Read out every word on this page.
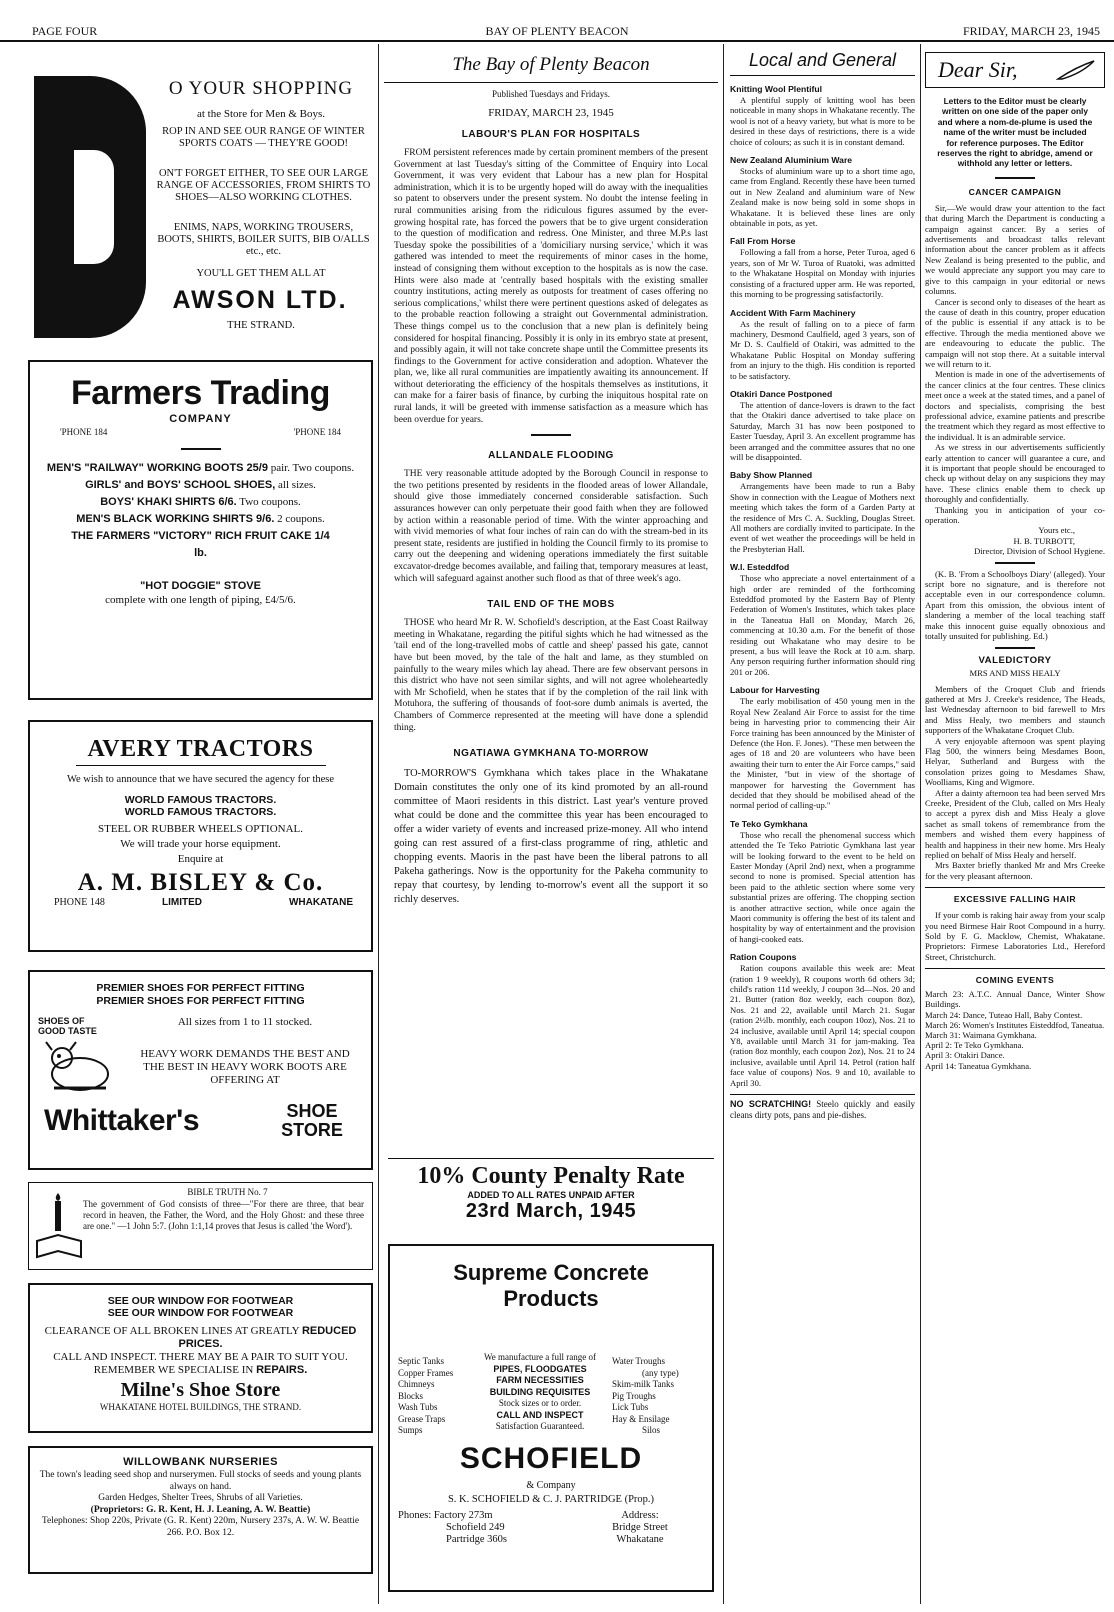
PAGE FOUR	BAY OF PLENTY BEACON	FRIDAY, MARCH 23, 1945
O YOUR SHOPPING
at the Store for Men & Boys.
ROP IN AND SEE OUR RANGE OF WINTER SPORTS COATS — THEY'RE GOOD!
ON'T FORGET EITHER, TO SEE OUR LARGE RANGE OF ACCESSORIES, FROM SHIRTS TO SHOES—ALSO WORKING CLOTHES.
ENIMS, NAPS, WORKING TROUSERS, BOOTS, SHIRTS, BOILER SUITS, BIB O/ALLS etc., etc.
YOU'LL GET THEM ALL AT
AWSON LTD.
THE STRAND.
Farmers Trading
COMPANY
'PHONE 184	'PHONE 184

MEN'S "RAILWAY" WORKING BOOTS 25/9 pair. Two coupons.

GIRLS' and BOYS' SCHOOL SHOES, all sizes.

BOYS' KHAKI SHIRTS 6/6. Two coupons.

MEN'S BLACK WORKING SHIRTS 9/6. 2 coupons.

THE FARMERS "VICTORY" RICH FRUIT CAKE 1/4 lb.

"HOT DOGGIE" STOVE
complete with one length of piping, £4/5/6.
AVERY TRACTORS
We wish to announce that we have secured the agency for these

WORLD FAMOUS TRACTORS.

WORLD FAMOUS TRACTORS.

STEEL OR RUBBER WHEELS OPTIONAL.

We will trade your horse equipment.

Enquire at

A. M. BISLEY & Co.
PHONE 148	LIMITED	WHAKATANE

PREMIER SHOES FOR PERFECT FITTING

PREMIER SHOES FOR PERFECT FITTING

SHOES OF GOOD TASTE
All sizes from 1 to 11 stocked.
HEAVY WORK DEMANDS THE BEST AND THE BEST IN HEAVY WORK BOOTS ARE OFFERING AT
Whittaker's	SHOE

STORE

BIBLE TRUTH No. 7
The government of God consists of three—"For there are three, that bear record in heaven, the Father, the Word, and the Holy Ghost: and these three are one." —1 John 5:7. (John 1:1,14 proves that Jesus is called 'the Word').

SEE OUR WINDOW FOR FOOTWEAR

SEE OUR WINDOW FOR FOOTWEAR

CLEARANCE OF ALL BROKEN LINES AT GREATLY REDUCED PRICES.

CALL AND INSPECT. THERE MAY BE A PAIR TO SUIT YOU.

REMEMBER WE SPECIALISE IN REPAIRS.

Milne's Shoe Store
WHAKATANE HOTEL BUILDINGS, THE STRAND.
WILLOWBANK NURSERIES

The town's leading seed shop and nurserymen. Full stocks of seeds and young plants always on hand.

Garden Hedges, Shelter Trees, Shrubs of all Varieties.

(Proprietors: G. R. Kent, H. J. Leaning, A. W. Beattie)

Telephones: Shop 220s, Private (G. R. Kent) 220m, Nursery 237s, A. W. W. Beattie 266. P.O. Box 12.

The Bay of Plenty Beacon
Published Tuesdays and Fridays.
FRIDAY, MARCH 23, 1945
LABOUR'S PLAN FOR HOSPITALS

FROM persistent references made by certain prominent members of the present Government at last Tuesday's sitting of the Committee of Enquiry into Local Government, it was very evident that Labour has a new plan for Hospital administration, which it is to be urgently hoped will do away with the inequalities so patent to observers under the present system. No doubt the intense feeling in rural communities arising from the ridiculous figures assumed by the ever-growing hospital rate, has forced the powers that be to give urgent consideration to the question of modification and redress. One Minister, and three M.P.s last Tuesday spoke the possibilities of a 'domiciliary nursing service,' which it was gathered was intended to meet the requirements of minor cases in the home, instead of consigning them without exception to the hospitals as is now the case. Hints were also made at 'centrally based hospitals with the existing smaller country institutions, acting merely as outposts for treatment of cases offering no serious complications,' whilst there were pertinent questions asked of delegates as to the probable reaction following a straight out Governmental administration. These things compel us to the conclusion that a new plan is definitely being considered for hospital financing. Possibly it is only in its embryo state at present, and possibly again, it will not take concrete shape until the Committee presents its findings to the Government for active consideration and adoption. Whatever the plan, we, like all rural communities are impatiently awaiting its announcement. If without deteriorating the efficiency of the hospitals themselves as institutions, it can make for a fairer basis of finance, by curbing the iniquitous hospital rate on rural lands, it will be greeted with immense satisfaction as a measure which has been overdue for years.

ALLANDALE FLOODING

THE very reasonable attitude adopted by the Borough Council in response to the two petitions presented by residents in the flooded areas of lower Allandale, should give those immediately concerned considerable satisfaction. Such assurances however can only perpetuate their good faith when they are followed by action within a reasonable period of time. With the winter approaching and with vivid memories of what four inches of rain can do with the stream-bed in its present state, residents are justified in holding the Council firmly to its promise to carry out the deepening and widening operations immediately the first suitable excavator-dredge becomes available, and failing that, temporary measures at least, which will safeguard against another such flood as that of three week's ago.

TAIL END OF THE MOBS

THOSE who heard Mr R. W. Schofield's description, at the East Coast Railway meeting in Whakatane, regarding the pitiful sights which he had witnessed as the 'tail end of the long-travelled mobs of cattle and sheep' passed his gate, cannot have but been moved, by the tale of the halt and lame, as they stumbled on painfully to the weary miles which lay ahead. There are few observant persons in this district who have not seen similar sights, and will not agree wholeheartedly with Mr Schofield, when he states that if by the completion of the rail link with Motuhora, the suffering of thousands of foot-sore dumb animals is averted, the Chambers of Commerce represented at the meeting will have done a splendid thing.

NGATIAWA GYMKHANA TO-MORROW

TO-MORROW'S Gymkhana which takes place in the Whakatane Domain constitutes the only one of its kind promoted by an all-round committee of Maori residents in this district. Last year's venture proved what could be done and the committee this year has been encouraged to offer a wider variety of events and increased prize-money. All who intend going can rest assured of a first-class programme of ring, athletic and chopping events. Maoris in the past have been the liberal patrons to all Pakeha gatherings. Now is the opportunity for the Pakeha community to repay that courtesy, by lending to-morrow's event all the support it so richly deserves.

10% County Penalty Rate
ADDED TO ALL RATES UNPAID AFTER
23rd March, 1945

Supreme Concrete

Products

Septic Tanks

Copper Frames

Chimneys

Blocks

Wash Tubs

Grease Traps

Sumps

We manufacture a full range of

PIPES, FLOODGATES

FARM NECESSITIES

BUILDING REQUISITES

Stock sizes or to order.

CALL AND INSPECT

Satisfaction Guaranteed.

Water Troughs

(any type)

Skim-milk Tanks

Pig Troughs

Lick Tubs

Hay & Ensilage

Silos

SCHOFIELD
& Company
S. K. SCHOFIELD & C. J. PARTRIDGE (Prop.)

Phones: Factory 273m

Schofield 249

Partridge 360s

Address:

Bridge Street

Whakatane

Local and General

Knitting Wool Plentiful

A plentiful supply of knitting wool has been noticeable in many shops in Whakatane recently. The wool is not of a heavy variety, but what is more to be desired in these days of restrictions, there is a wide choice of colours; as such it is in constant demand.

New Zealand Aluminium Ware

Stocks of aluminium ware up to a short time ago, came from England. Recently these have been turned out in New Zealand and aluminium ware of New Zealand make is now being sold in some shops in Whakatane. It is believed these lines are only obtainable in pots, as yet.

Fall From Horse

Following a fall from a horse, Peter Turoa, aged 6 years, son of Mr W. Turoa of Ruatoki, was admitted to the Whakatane Hospital on Monday with injuries consisting of a fractured upper arm. He was reported, this morning to be progressing satisfactorily.

Accident With Farm Machinery

As the result of falling on to a piece of farm machinery, Desmond Caulfield, aged 3 years, son of Mr D. S. Caulfield of Otakiri, was admitted to the Whakatane Public Hospital on Monday suffering from an injury to the thigh. His condition is reported to be satisfactory.

Otakiri Dance Postponed

The attention of dance-lovers is drawn to the fact that the Otakiri dance advertised to take place on Saturday, March 31 has now been postponed to Easter Tuesday, April 3. An excellent programme has been arranged and the committee assures that no one will be disappointed.

Baby Show Planned

Arrangements have been made to run a Baby Show in connection with the League of Mothers next meeting which takes the form of a Garden Party at the residence of Mrs C. A. Suckling, Douglas Street. All mothers are cordially invited to participate. In the event of wet weather the proceedings will be held in the Presbyterian Hall.

W.I. Esteddfod

Those who appreciate a novel entertainment of a high order are reminded of the forthcoming Esteddfod promoted by the Eastern Bay of Plenty Federation of Women's Institutes, which takes place in the Taneatua Hall on Monday, March 26, commencing at 10.30 a.m. For the benefit of those residing out Whakatane who may desire to be present, a bus will leave the Rock at 10 a.m. sharp. Any person requiring further information should ring 201 or 206.

Labour for Harvesting

The early mobilisation of 450 young men in the Royal New Zealand Air Force to assist for the time being in harvesting prior to commencing their Air Force training has been announced by the Minister of Defence (the Hon. F. Jones). "These men between the ages of 18 and 20 are volunteers who have been awaiting their turn to enter the Air Force camps," said the Minister, "but in view of the shortage of manpower for harvesting the Government has decided that they should be mobilised ahead of the normal period of calling-up."

Te Teko Gymkhana

Those who recall the phenomenal success which attended the Te Teko Patriotic Gymkhana last year will be looking forward to the event to be held on Easter Monday (April 2nd) next, when a programme second to none is promised. Special attention has been paid to the athletic section where some very substantial prizes are offering. The chopping section is another attractive section, while once again the Maori community is offering the best of its talent and hospitality by way of entertainment and the provision of hangi-cooked eats.

Ration Coupons

Ration coupons available this week are: Meat (ration 1 9 weekly), R coupons worth 6d others 3d; child's ration 11d weekly, J coupon 3d—Nos. 20 and 21. Butter (ration 8oz weekly, each coupon 8oz), Nos. 21 and 22, available until March 21. Sugar (ration 2½lb. monthly, each coupon 10oz), Nos. 21 to 24 inclusive, available until April 14; special coupon Y8, available until March 31 for jam-making. Tea (ration 8oz monthly, each coupon 2oz), Nos. 21 to 24 inclusive, available until April 14. Petrol (ration half face value of coupons) Nos. 9 and 10, available to April 30.

NO SCRATCHING! Steelo quickly and easily cleans dirty pots, pans and pie-dishes.
Dear Sir,

Letters to the Editor must be clearly written on one side of the paper only and where a nom-de-plume is used the name of the writer must be included for reference purposes. The Editor reserves the right to abridge, amend or withhold any letter or letters.

CANCER CAMPAIGN

Sir,—We would draw your attention to the fact that during March the Department is conducting a campaign against cancer. By a series of advertisements and broadcast talks relevant information about the cancer problem as it affects New Zealand is being presented to the public, and we would appreciate any support you may care to give to this campaign in your editorial or news columns.

Cancer is second only to diseases of the heart as the cause of death in this country, proper education of the public is essential if any attack is to be effective. Through the media mentioned above we are endeavouring to educate the public. The campaign will not stop there. At a suitable interval we will return to it.

Mention is made in one of the advertisements of the cancer clinics at the four centres. These clinics meet once a week at the stated times, and a panel of doctors and specialists, comprising the best professional advice, examine patients and prescribe the treatment which they regard as most effective to the individual. It is an admirable service.

As we stress in our advertisements sufficiently early attention to cancer will guarantee a cure, and it is important that people should be encouraged to check up without delay on any suspicions they may have. These clinics enable them to check up thoroughly and confidentially.

Thanking you in anticipation of your co-operation.

Yours etc.,

H. B. TURBOTT,

Director, Division of School Hygiene.

(K. B. 'From a Schoolboys Diary' (alleged). Your script bore no signature, and is therefore not acceptable even in our correspondence column. Apart from this omission, the obvious intent of slandering a member of the local teaching staff make this innocent guise equally obnoxious and totally unsuited for publishing. Ed.)

VALEDICTORY
MRS AND MISS HEALY

Members of the Croquet Club and friends gathered at Mrs J. Creeke's residence, The Heads, last Wednesday afternoon to bid farewell to Mrs and Miss Healy, two members and staunch supporters of the Whakatane Croquet Club.

A very enjoyable afternoon was spent playing Flag 500, the winners being Mesdames Boon, Helyar, Sutherland and Burgess with the consolation prizes going to Mesdames Shaw, Woolliams, King and Wigmore.

After a dainty afternoon tea had been served Mrs Creeke, President of the Club, called on Mrs Healy to accept a pyrex dish and Miss Healy a glove sachet as small tokens of remembrance from the members and wished them every happiness of health and happiness in their new home. Mrs Healy replied on behalf of Miss Healy and herself.

Mrs Baxter briefly thanked Mr and Mrs Creeke for the very pleasant afternoon.

EXCESSIVE FALLING HAIR

If your comb is raking hair away from your scalp you need Birmese Hair Root Compound in a hurry. Sold by F. G. Macklow, Chemist, Whakatane. Proprietors: Firmese Laboratories Ltd., Hereford Street, Christchurch.

COMING EVENTS

March 23: A.T.C. Annual Dance, Winter Show Buildings.

March 24: Dance, Tuteao Hall, Baby Contest.

March 26: Women's Institutes Eisteddfod, Taneatua.

March 31: Waimana Gymkhana.

April 2: Te Teko Gymkhana.

April 3: Otakiri Dance.

April 14: Taneatua Gymkhana.
